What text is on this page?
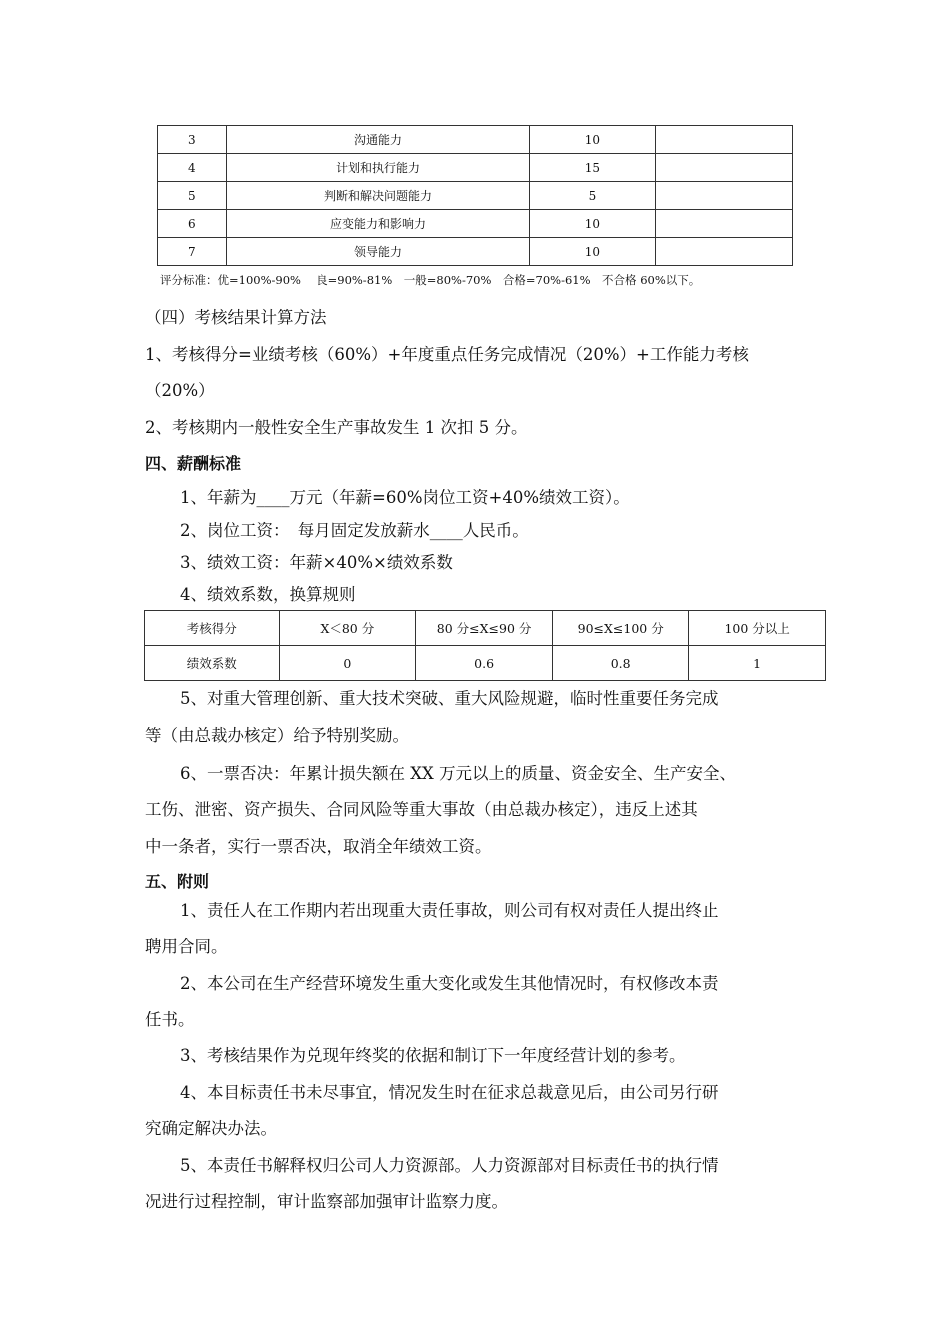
3	沟通能力	10	
4	计划和执行能力	15	
5	判断和解决问题能力	5	
6	应变能力和影响力	10	
7	领导能力	10	
评分标准：优=100%-90%　 良=90%-81%　一般=80%-70%　合格=70%-61%　不合格 60%以下。
（四）考核结果计算方法
1、考核得分=业绩考核（60%）+年度重点任务完成情况（20%）+工作能力考核
（20%）
2、考核期内一般性安全生产事故发生 1 次扣 5 分。
四、薪酬标准
1、年薪为____万元（年薪=60%岗位工资+40%绩效工资）。
2、岗位工资：　每月固定发放薪水____人民币。
3、绩效工资：年薪×40%×绩效系数
4、绩效系数，换算规则
考核得分	X＜80 分	80 分≤X≤90 分	90≤X≤100 分	100 分以上
绩效系数	0	0.6	0.8	1
5、对重大管理创新、重大技术突破、重大风险规避，临时性重要任务完成
等（由总裁办核定）给予特别奖励。
6、一票否决：年累计损失额在 XX 万元以上的质量、资金安全、生产安全、
工伤、泄密、资产损失、合同风险等重大事故（由总裁办核定），违反上述其
中一条者，实行一票否决，取消全年绩效工资。
五、附则
1、责任人在工作期内若出现重大责任事故，则公司有权对责任人提出终止
聘用合同。
2、本公司在生产经营环境发生重大变化或发生其他情况时，有权修改本责
任书。
3、考核结果作为兑现年终奖的依据和制订下一年度经营计划的参考。
4、本目标责任书未尽事宜，情况发生时在征求总裁意见后，由公司另行研
究确定解决办法。
5、本责任书解释权归公司人力资源部。人力资源部对目标责任书的执行情
况进行过程控制，审计监察部加强审计监察力度。
